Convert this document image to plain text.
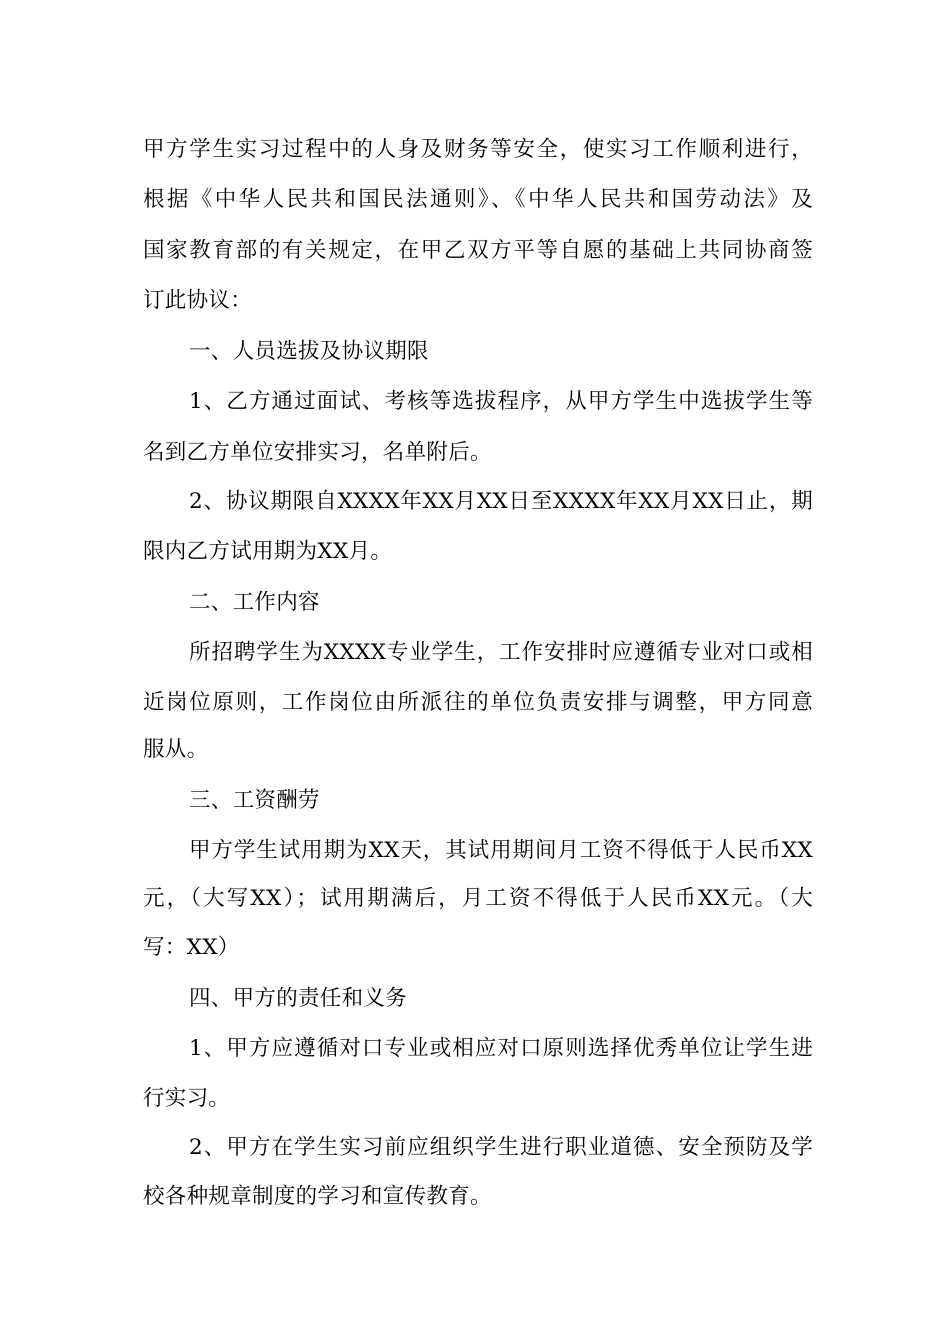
甲方学生实习过程中的人身及财务等安全，使实习工作顺利进行，
根据《中华人民共和国民法通则》、《中华人民共和国劳动法》及
国家教育部的有关规定，在甲乙双方平等自愿的基础上共同协商签
订此协议：
一、人员选拔及协议期限
1、乙方通过面试、考核等选拔程序，从甲方学生中选拔学生等
名到乙方单位安排实习，名单附后。
2、协议期限自XXXX年XX月XX日至XXXX年XX月XX日止，期
限内乙方试用期为XX月。
二、工作内容
所招聘学生为XXXX专业学生，工作安排时应遵循专业对口或相
近岗位原则，工作岗位由所派往的单位负责安排与调整，甲方同意
服从。
三、工资酬劳
甲方学生试用期为XX天，其试用期间月工资不得低于人民币XX
元，（大写XX）；试用期满后，月工资不得低于人民币XX元。（大
写：XX）
四、甲方的责任和义务
1、甲方应遵循对口专业或相应对口原则选择优秀单位让学生进
行实习。
2、甲方在学生实习前应组织学生进行职业道德、安全预防及学
校各种规章制度的学习和宣传教育。
